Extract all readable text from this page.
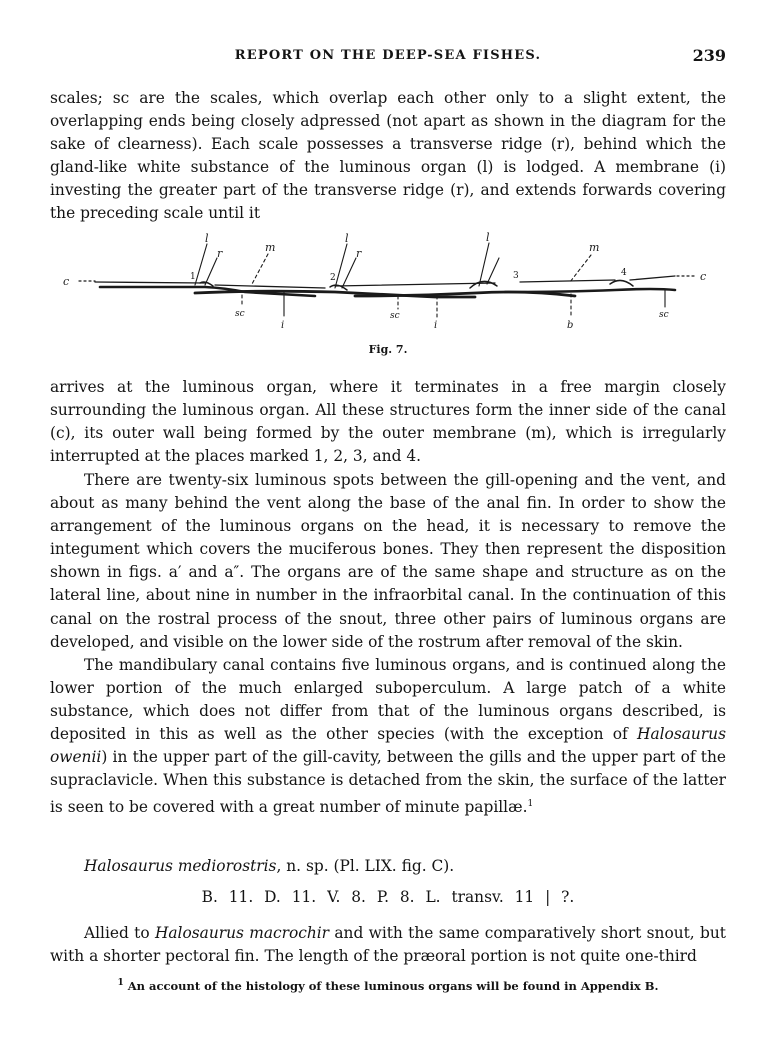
REPORT ON THE DEEP-SEA FISHES.	239

scales; sc are the scales, which overlap each other only to a slight extent, the overlapping ends being closely adpressed (not apart as shown in the diagram for the sake of clearness). Each scale possesses a transverse ridge (r), behind which the gland-like white substance of the luminous organ (l) is lodged. A membrane (i) investing the greater part of the transverse ridge (r), and extends forwards covering the preceding scale until it

c	c
l	l	l
r	r
m	m
1	2	3	4
sc
i
sc
i	b
sc

Fig. 7.

arrives at the luminous organ, where it terminates in a free margin closely surrounding the luminous organ. All these structures form the inner side of the canal (c), its outer wall being formed by the outer membrane (m), which is irregularly interrupted at the places marked 1, 2, 3, and 4.

There are twenty-six luminous spots between the gill-opening and the vent, and about as many behind the vent along the base of the anal fin. In order to show the arrangement of the luminous organs on the head, it is necessary to remove the integument which covers the muciferous bones. They then represent the disposition shown in figs. a′ and a″. The organs are of the same shape and structure as on the lateral line, about nine in number in the infraorbital canal. In the continuation of this canal on the rostral process of the snout, three other pairs of luminous organs are developed, and visible on the lower side of the rostrum after removal of the skin.

The mandibulary canal contains five luminous organs, and is continued along the lower portion of the much enlarged suboperculum. A large patch of a white substance, which does not differ from that of the luminous organs described, is deposited in this as well as the other species (with the exception of Halosaurus owenii) in the upper part of the gill-cavity, between the gills and the upper part of the supraclavicle. When this substance is detached from the skin, the surface of the latter is seen to be covered with a great number of minute papillæ.$^1$

Halosaurus mediorostris, n. sp. (Pl. LIX. fig. C).

B. 11. D. 11. V. 8. P. 8. L. transv. 11 | ?.

Allied to Halosaurus macrochir and with the same comparatively short snout, but with a shorter pectoral fin. The length of the præoral portion is not quite one-third

$^1$ An account of the histology of these luminous organs will be found in Appendix B.
